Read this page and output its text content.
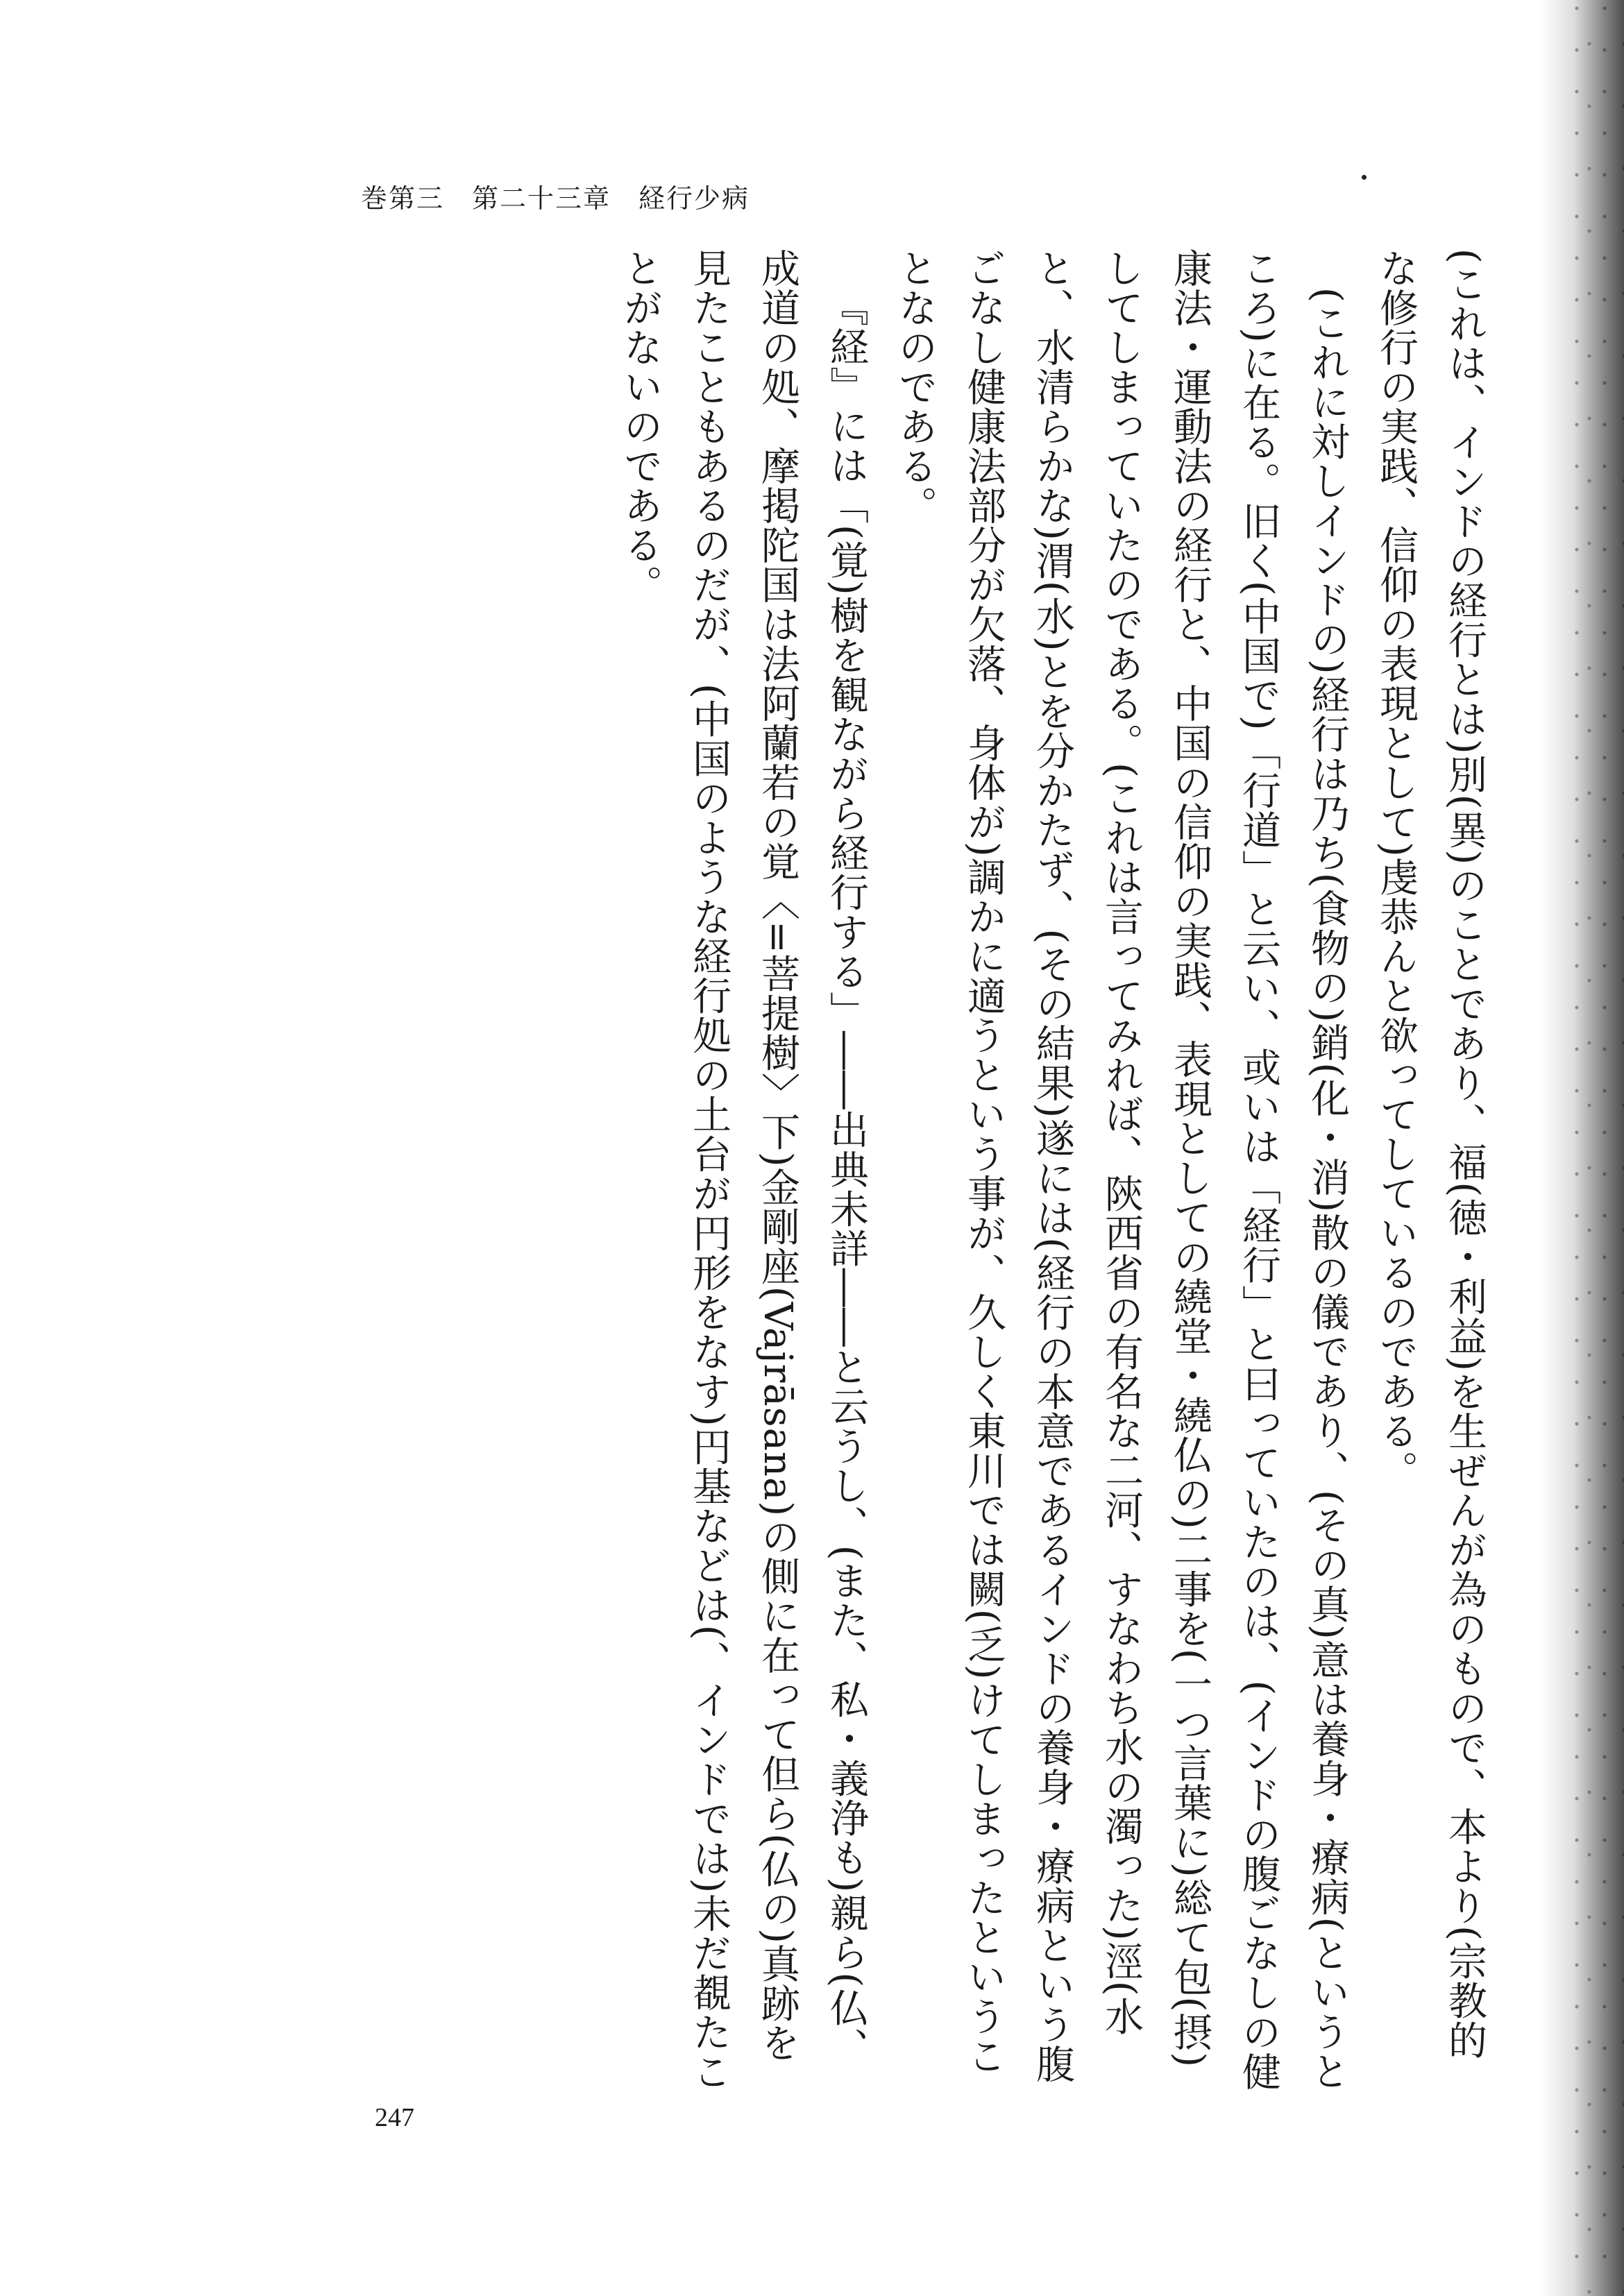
巻第三　第二十三章　経行少病

(これは、インドの経行とは)別(異)のことであり、福(徳・利益)を生ぜんが為のもので、本より(宗教的な修行の実践、信仰の表現として)虔恭んと欲ってしているのである。

(これに対しインドの)経行は乃ち(食物の)銷(化・消)散の儀であり、(その真)意は養身・療病(というところ)に在る。旧く(中国で)「行道」と云い、或いは「経行」と曰っていたのは、(インドの腹ごなしの健康法・運動法の経行と、中国の信仰の実践、表現としての繞堂・繞仏の)二事を(一つ言葉に)総て包(摂)してしまっていたのである。(これは言ってみれば、陝西省の有名な二河、すなわち水の濁った)涇(水と、水清らかな)渭(水)とを分かたず、(その結果)遂には(経行の本意であるインドの養身・療病という腹ごなし健康法部分が欠落、身体が)調かに適うという事が、久しく東川では闕(乏)けてしまったということなのである。

『経』には「(覚)樹を観ながら経行する」――出典未詳――と云うし、(また、私・義浄も)親ら(仏、成道の処、摩掲陀国は法阿蘭若の覚〈=菩提樹〉下)金剛座(Vajrāsana)の側に在って但ら(仏の)真跡を見たこともあるのだが、(中国のような経行処の土台が円形をなす)円基などは(、インドでは)未だ覩たことがないのである。

247
